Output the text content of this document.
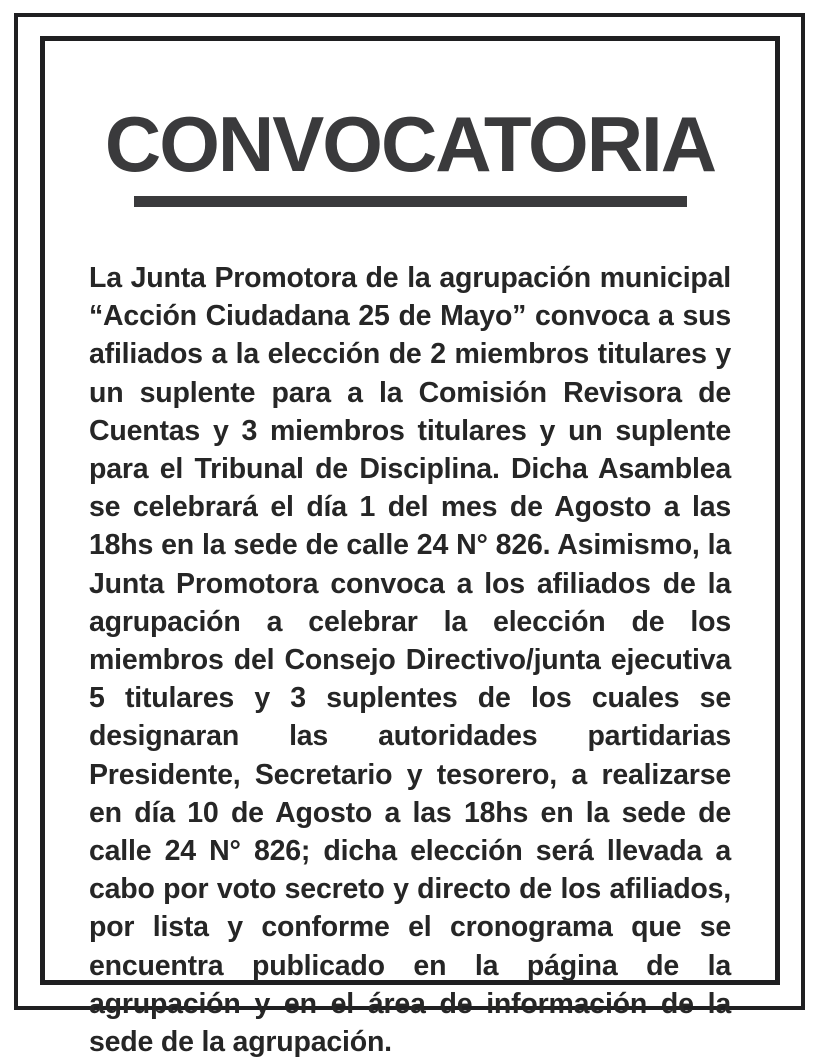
CONVOCATORIA

La Junta Promotora de la agrupación municipal “Acción Ciudadana 25 de Mayo” convoca a sus afiliados a la elección de 2 miembros titulares y un suplente para a la Comisión Revisora de Cuentas y 3 miembros titulares y un suplente para el Tribunal de Disciplina. Dicha Asamblea se celebrará el día 1 del mes de Agosto a las 18hs en la sede de calle 24 N° 826. Asimismo, la Junta Promotora convoca a los afiliados de la agrupación a celebrar la elección de los miembros del Consejo Directivo/junta ejecutiva 5 titulares y 3 suplentes de los cuales se designaran las autoridades partidarias Presidente, Secretario y tesorero, a realizarse en día 10 de Agosto a las 18hs en la sede de calle 24 N° 826; dicha elección será llevada a cabo por voto secreto y directo de los afiliados, por lista y conforme el cronograma que se encuentra publicado en la página de la agrupación y en el área de información de la sede de la agrupación.
